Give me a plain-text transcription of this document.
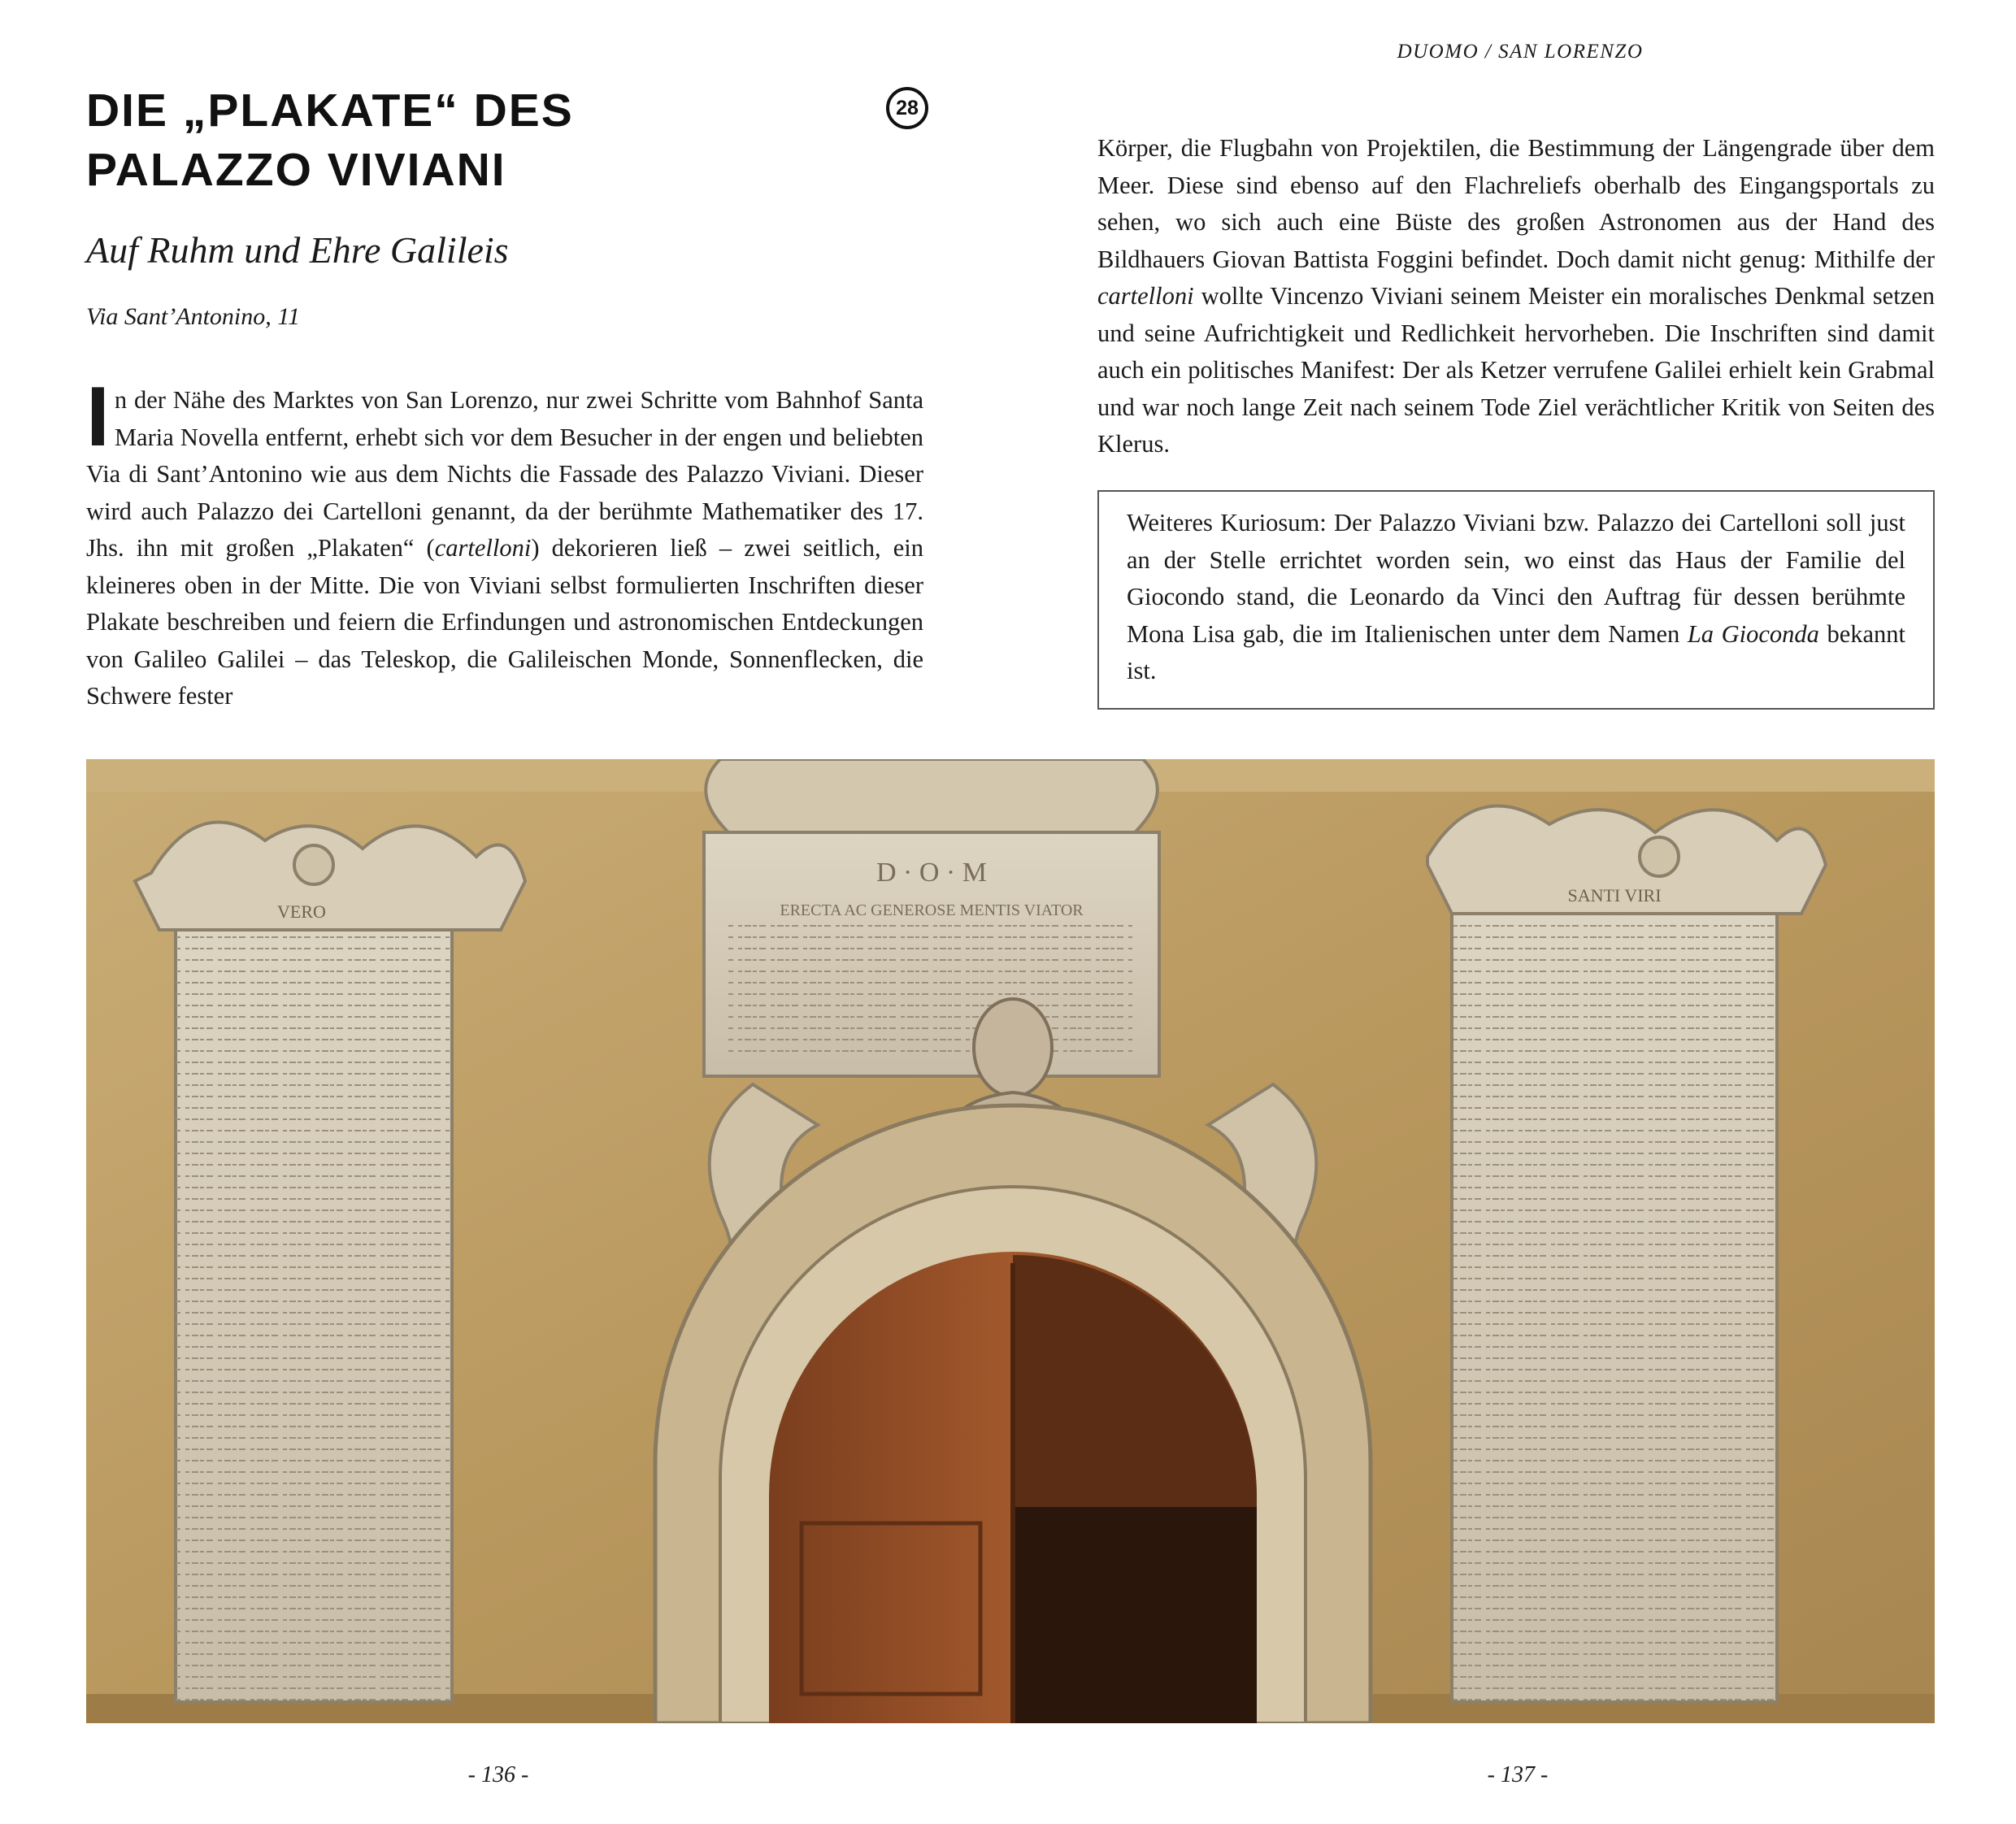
DUOMO / SAN LORENZO
DIE „PLAKATE“ DES
PALAZZO VIVIANI
28

Auf Ruhm und Ehre Galileis

Via Sant’Antonino, 11

In der Nähe des Marktes von San Lorenzo, nur zwei Schritte vom Bahnhof Santa Maria Novella entfernt, erhebt sich vor dem Besucher in der engen und beliebten Via di Sant’Antonino wie aus dem Nichts die Fassade des Palazzo Viviani. Dieser wird auch Palazzo dei Cartelloni genannt, da der berühmte Mathematiker des 17. Jhs. ihn mit großen „Plakaten“ (cartelloni) dekorieren ließ – zwei seitlich, ein kleineres oben in der Mitte. Die von Viviani selbst formulierten Inschriften dieser Plakate beschreiben und feiern die Erfindungen und astronomischen Entdeckungen von Galileo Galilei – das Teleskop, die Galileischen Monde, Sonnenflecken, die Schwere fester

Körper, die Flugbahn von Projektilen, die Bestimmung der Längengrade über dem Meer. Diese sind ebenso auf den Flachreliefs oberhalb des Eingangsportals zu sehen, wo sich auch eine Büste des großen Astronomen aus der Hand des Bildhauers Giovan Battista Foggini befindet. Doch damit nicht genug: Mithilfe der cartelloni wollte Vincenzo Viviani seinem Meister ein moralisches Denkmal setzen und seine Aufrichtigkeit und Redlichkeit hervorheben. Die Inschriften sind damit auch ein politisches Manifest: Der als Ketzer verrufene Galilei erhielt kein Grabmal und war noch lange Zeit nach seinem Tode Ziel verächtlicher Kritik von Seiten des Klerus.

Weiteres Kuriosum: Der Palazzo Viviani bzw. Palazzo dei Cartelloni soll just an der Stelle errichtet worden sein, wo einst das Haus der Familie del Giocondo stand, die Leonardo da Vinci den Auftrag für dessen berühmte Mona Lisa gab, die im Italienischen unter dem Namen La Gioconda bekannt ist.
VERO
SANTI VIRI
D · O · M
ERECTA AC GENEROSE MENTIS VIATOR
- 136 -	- 137 -
